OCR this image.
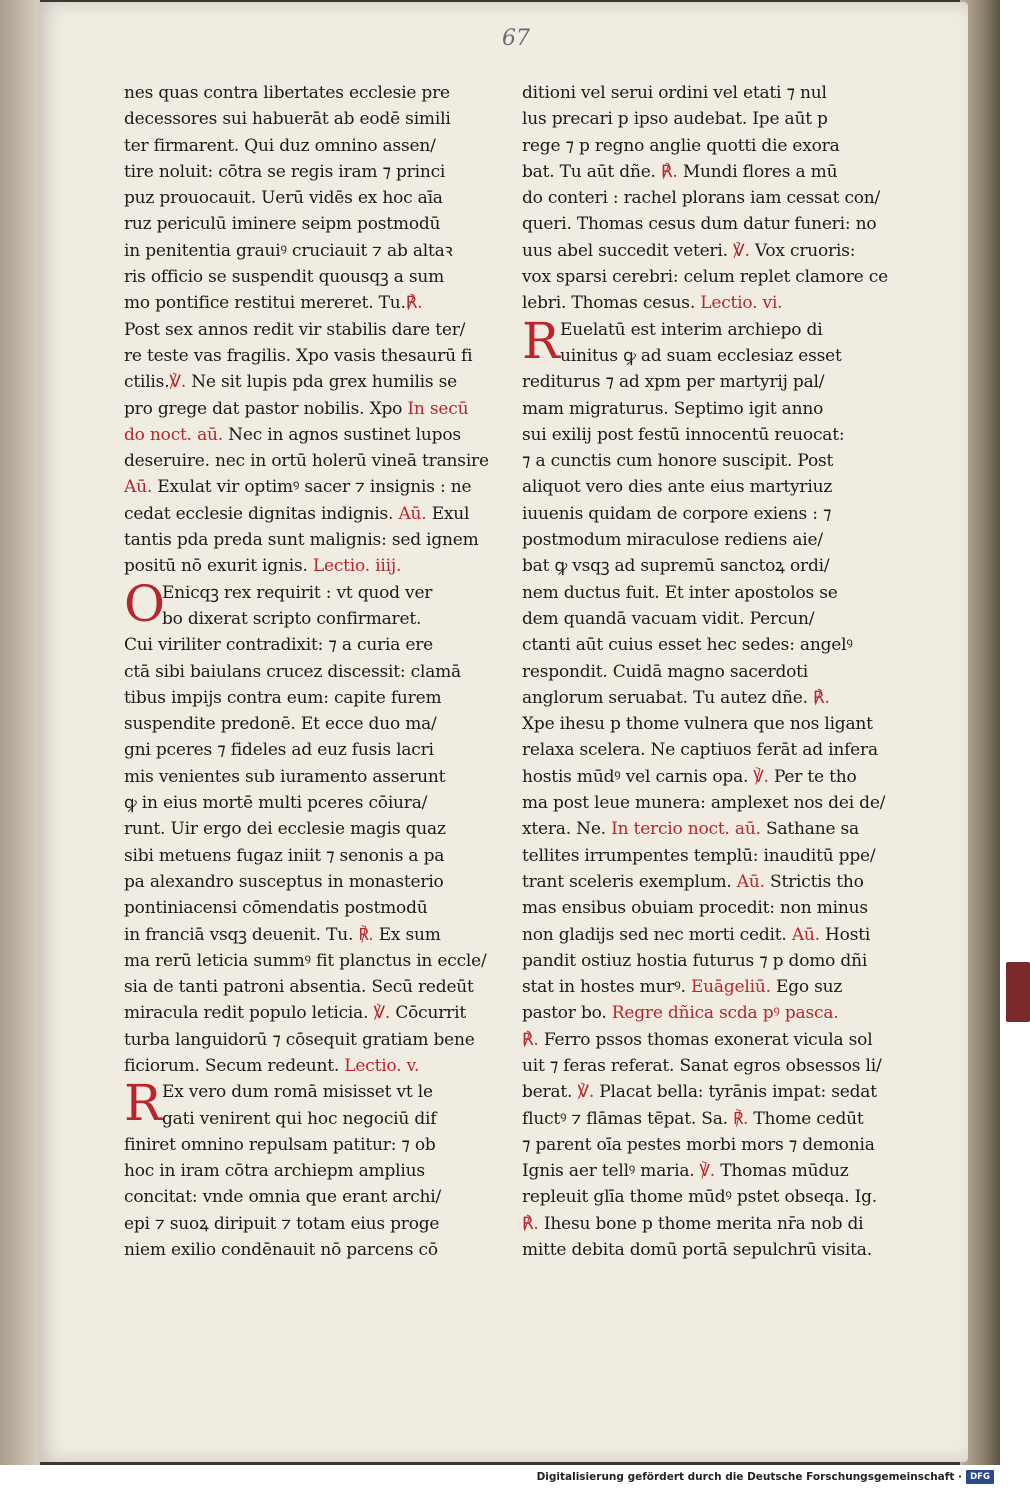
67
nes quas contra libertates ecclesie pre
decessores sui habuerāt ab eodē simili
ter firmarent. Qui duz omnino assen/
tire noluit: cōtra se regis iram ⁊ princi
puz prouocauit. Uerū vidēs ex hoc aīa
ruz periculū iminere seipm postmodū
in penitentia grauiꝰ cruciauit ⁊ ab altaꝛ
ris officio se suspendit quousqꝫ a sum
mo pontifice restitui mereret. Tu.℟.
Post sex annos redit vir stabilis dare ter/
re teste vas fragilis. Xpo vasis thesaurū fi
ctilis.℣. Ne sit lupis pda grex humilis se
pro grege dat pastor nobilis. Xpo In secū
do noct. aū. Nec in agnos sustinet lupos
deseruire. nec in ortū holerū vineā transire
Aū. Exulat vir optimꝰ sacer ⁊ insignis : ne
cedat ecclesie dignitas indignis. Aū. Exul
tantis pda preda sunt malignis: sed ignem
positū nō exurit ignis. Lectio. iiij.
O
Enicqꝫ rex requirit : vt quod ver
bo dixerat scripto confirmaret.
Cui viriliter contradixit: ⁊ a curia ere
ctā sibi baiulans crucez discessit: clamā
tibus impijs contra eum: capite furem
suspendite predonē. Et ecce duo ma/
gni pceres ⁊ fideles ad euz fusis lacri
mis venientes sub iuramento asserunt
ꝙ in eius mortē multi pceres cōiura/
runt. Uir ergo dei ecclesie magis quaz
sibi metuens fugaz iniit ⁊ senonis a pa
pa alexandro susceptus in monasterio
pontiniacensi cōmendatis postmodū
in franciā vsqꝫ deuenit. Tu. ℟. Ex sum
ma rerū leticia summꝰ fit planctus in eccle/
sia de tanti patroni absentia. Secū redeūt
miracula redit populo leticia. ℣. Cōcurrit
turba languidorū ⁊ cōsequit gratiam bene
ficiorum. Secum redeunt. Lectio. v.
R Ex vero dum romā misisset vt le
gati venirent qui hoc negociū dif
finiret omnino repulsam patitur: ⁊ ob
hoc in iram cōtra archiepm amplius
concitat: vnde omnia que erant archi/
epi ⁊ suoꝝ diripuit ⁊ totam eius proge
niem exilio condēnauit nō parcens cō
ditioni vel serui ordini vel etati ⁊ nul
lus precari p ipso audebat. Ipe aūt p
rege ⁊ p regno anglie quotti die exora
bat. Tu aūt dñe. ℟. Mundi flores a mū
do conteri : rachel plorans iam cessat con/
queri. Thomas cesus dum datur funeri: no
uus abel succedit veteri. ℣. Vox cruoris:
vox sparsi cerebri: celum replet clamore ce
lebri. Thomas cesus. Lectio. vi.
R Euelatū est interim archiepo di
uinitus ꝙ ad suam ecclesiaz esset
rediturus ⁊ ad xpm per martyrij pal/
mam migraturus. Septimo igit anno
sui exilij post festū innocentū reuocat:
⁊ a cunctis cum honore suscipit. Post
aliquot vero dies ante eius martyriuz
iuuenis quidam de corpore exiens : ⁊
postmodum miraculose rediens aie/
bat ꝙ vsqꝫ ad supremū sanctoꝝ ordi/
nem ductus fuit. Et inter apostolos se
dem quandā vacuam vidit. Percun/
ctanti aūt cuius esset hec sedes: angelꝰ
respondit. Cuidā magno sacerdoti
anglorum seruabat. Tu autez dñe. ℟.
Xpe ihesu p thome vulnera que nos ligant
relaxa scelera. Ne captiuos ferāt ad infera
hostis mūdꝰ vel carnis opa. ℣. Per te tho
ma post leue munera: amplexet nos dei de/
xtera. Ne. In tercio noct. aū. Sathane sa
tellites irrumpentes templū: inauditū ppe/
trant sceleris exemplum. Aū. Strictis tho
mas ensibus obuiam procedit: non minus
non gladijs sed nec morti cedit. Aū. Hosti
pandit ostiuz hostia futurus ⁊ p domo dñi
stat in hostes murꝰ. Euāgeliū. Ego suz
pastor bo. Regre dñica scda pꝰ pasca.
℟. Ferro pssos thomas exonerat vicula sol
uit ⁊ feras referat. Sanat egros obsessos li/
berat. ℣. Placat bella: tyrānis impat: sedat
fluctꝰ ⁊ flāmas tēpat. Sa. ℟. Thome cedūt
⁊ parent oīa pestes morbi mors ⁊ demonia
Ignis aer tellꝰ maria. ℣. Thomas mūduz
repleuit glīa thome mūdꝰ pstet obseqa. Ig.
℟. Ihesu bone p thome merita nr̄a nob di
mitte debita domū portā sepulchrū visita.
Digitalisierung gefördert durch die Deutsche Forschungsgemeinschaft · DFG
